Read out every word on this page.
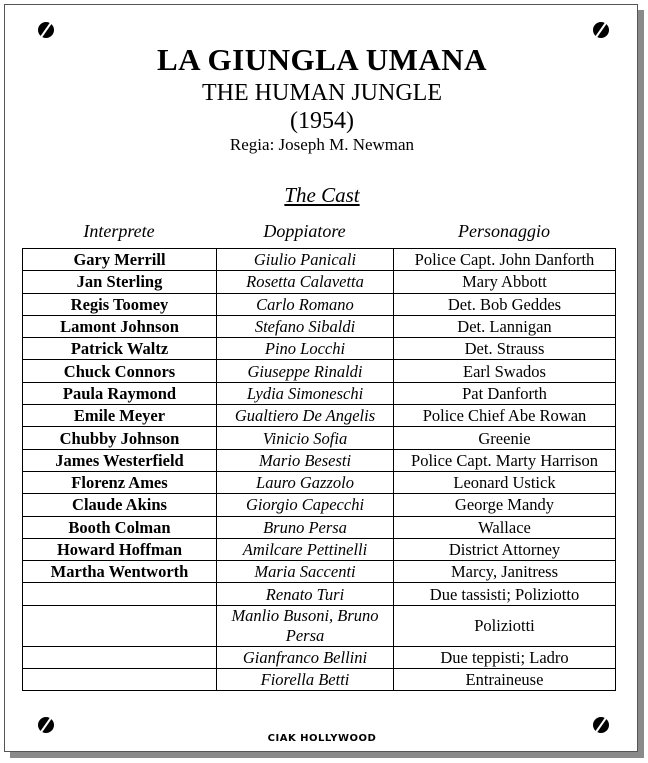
LA GIUNGLA UMANA
THE HUMAN JUNGLE
(1954)
Regia: Joseph M. Newman
The Cast
Interprete	Doppiatore	Personaggio
Gary Merrill	Giulio Panicali	Police Capt. John Danforth
Jan Sterling	Rosetta Calavetta	Mary Abbott
Regis Toomey	Carlo Romano	Det. Bob Geddes
Lamont Johnson	Stefano Sibaldi	Det. Lannigan
Patrick Waltz	Pino Locchi	Det. Strauss
Chuck Connors	Giuseppe Rinaldi	Earl Swados
Paula Raymond	Lydia Simoneschi	Pat Danforth
Emile Meyer	Gualtiero De Angelis	Police Chief Abe Rowan
Chubby Johnson	Vinicio Sofia	Greenie
James Westerfield	Mario Besesti	Police Capt. Marty Harrison
Florenz Ames	Lauro Gazzolo	Leonard Ustick
Claude Akins	Giorgio Capecchi	George Mandy
Booth Colman	Bruno Persa	Wallace
Howard Hoffman	Amilcare Pettinelli	District Attorney
Martha Wentworth	Maria Saccenti	Marcy, Janitress
	Renato Turi	Due tassisti; Poliziotto
	Manlio Busoni, Bruno Persa	Poliziotti
	Gianfranco Bellini	Due teppisti; Ladro
	Fiorella Betti	Entraineuse
CIAK HOLLYWOOD
